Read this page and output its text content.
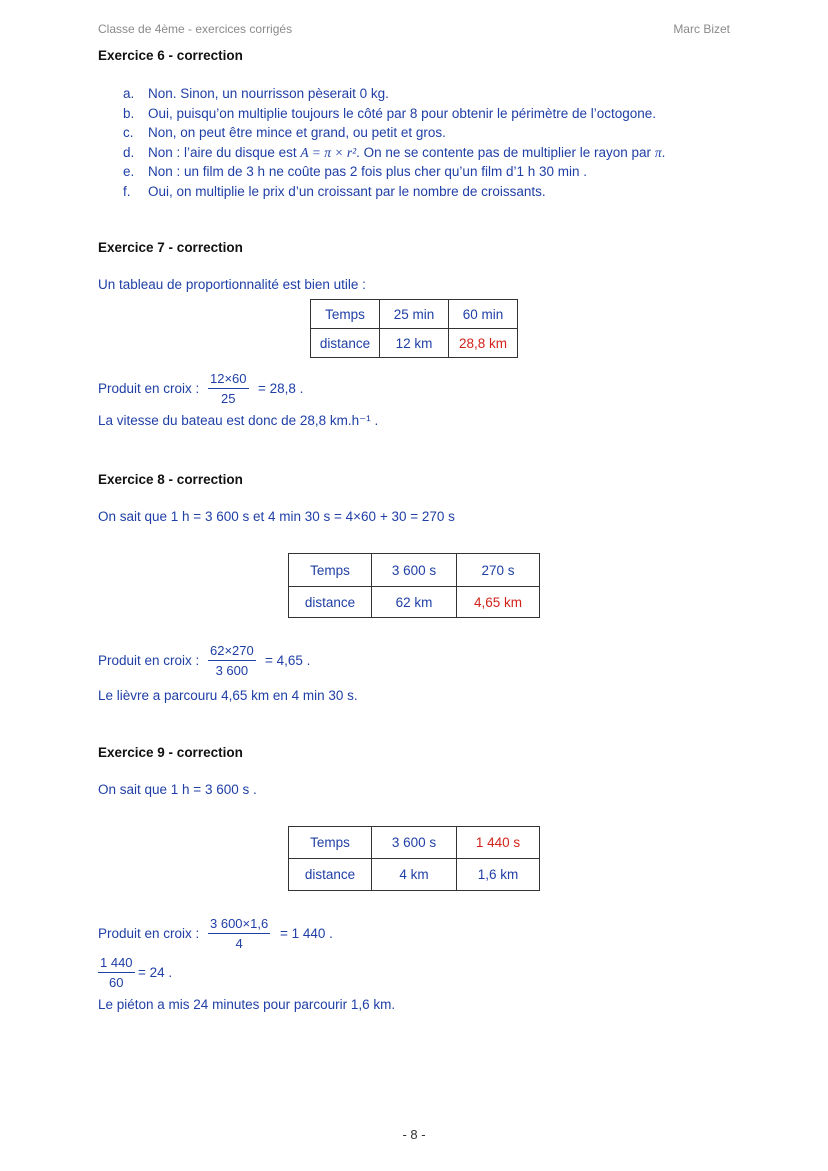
Classe de 4ème - exercices corrigés	Marc Bizet
Exercice 6 - correction
a.	Non. Sinon, un nourrisson pèserait 0 kg.
b.	Oui, puisqu’on multiplie toujours le côté par 8 pour obtenir le périmètre de l’octogone.
c.	Non, on peut être mince et grand, ou petit et gros.
d.	Non : l’aire du disque est A = π × r². On ne se contente pas de multiplier le rayon par π.
e.	Non : un film de 3 h ne coûte pas 2 fois plus cher qu’un film d’1 h 30 min .
f.	Oui, on multiplie le prix d’un croissant par le nombre de croissants.
Exercice 7 - correction
Un tableau de proportionnalité est bien utile :
Temps	25 min	60 min
distance	12 km	28,8 km
Produit en croix :
12×60
25
= 28,8 .
La vitesse du bateau est donc de 28,8 km.h⁻¹ .
Exercice 8 - correction
On sait que 1 h = 3 600 s et 4 min 30 s = 4×60 + 30 = 270 s
Temps	3 600 s	270 s
distance	62 km	4,65 km
Produit en croix :
62×270
3 600
= 4,65 .
Le lièvre a parcouru 4,65 km en 4 min 30 s.
Exercice 9 - correction
On sait que 1 h = 3 600 s .
Temps	3 600 s	1 440 s
distance	4 km	1,6 km
Produit en croix :
3 600×1,6
4
= 1 440 .
1 440
60
= 24 .
Le piéton a mis 24 minutes pour parcourir 1,6 km.
- 8 -
